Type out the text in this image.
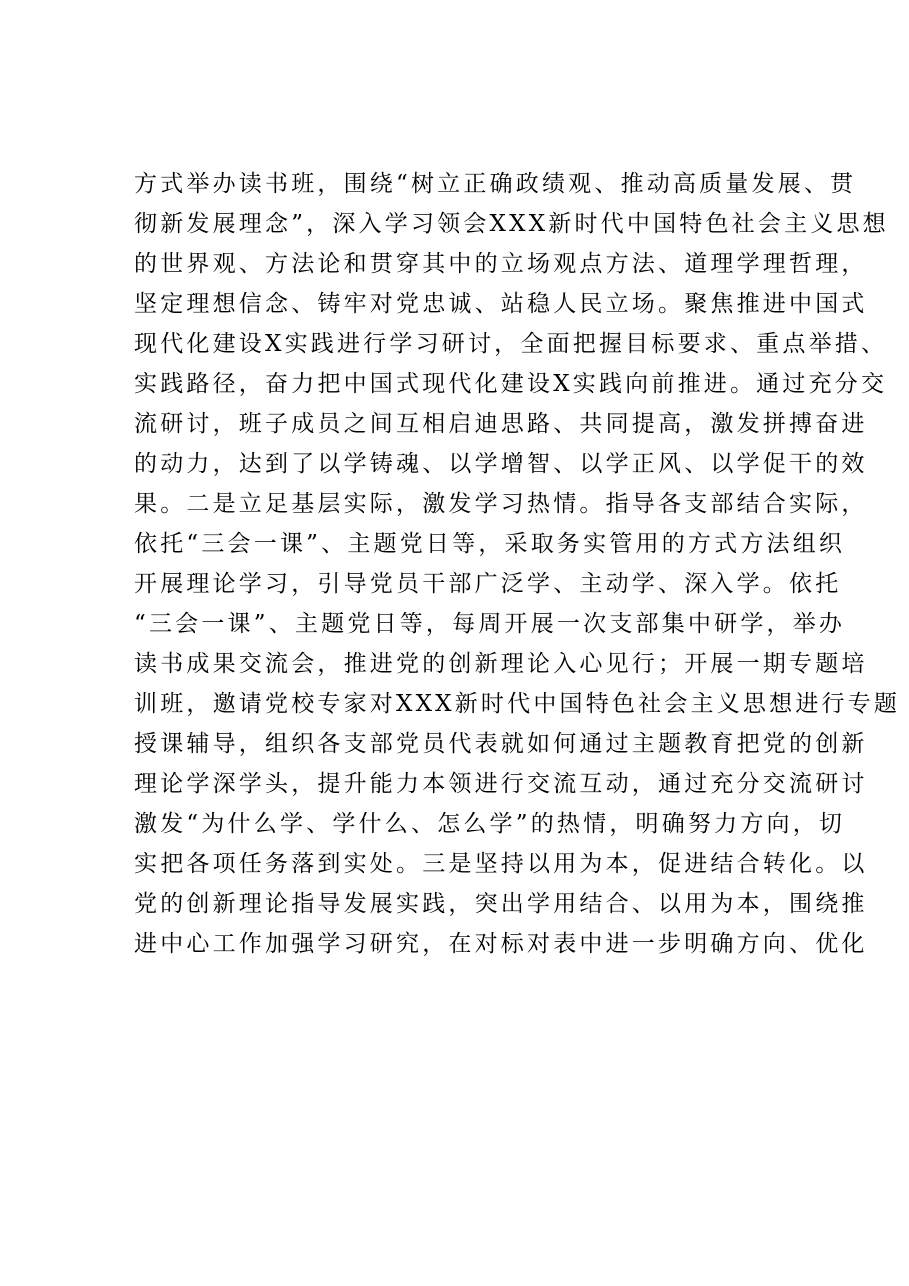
方式举办读书班，围绕“树立正确政绩观、推动高质量发展、贯
彻新发展理念”，深入学习领会XXX新时代中国特色社会主义思想
的世界观、方法论和贯穿其中的立场观点方法、道理学理哲理，
坚定理想信念、铸牢对党忠诚、站稳人民立场。聚焦推进中国式
现代化建设X实践进行学习研讨，全面把握目标要求、重点举措、
实践路径，奋力把中国式现代化建设X实践向前推进。通过充分交
流研讨，班子成员之间互相启迪思路、共同提高，激发拼搏奋进
的动力，达到了以学铸魂、以学增智、以学正风、以学促干的效
果。二是立足基层实际，激发学习热情。指导各支部结合实际，
依托“三会一课”、主题党日等，采取务实管用的方式方法组织
开展理论学习，引导党员干部广泛学、主动学、深入学。依托
“三会一课”、主题党日等，每周开展一次支部集中研学，举办
读书成果交流会，推进党的创新理论入心见行；开展一期专题培
训班，邀请党校专家对XXX新时代中国特色社会主义思想进行专题
授课辅导，组织各支部党员代表就如何通过主题教育把党的创新
理论学深学头，提升能力本领进行交流互动，通过充分交流研讨
激发“为什么学、学什么、怎么学”的热情，明确努力方向，切
实把各项任务落到实处。三是坚持以用为本，促进结合转化。以
党的创新理论指导发展实践，突出学用结合、以用为本，围绕推
进中心工作加强学习研究，在对标对表中进一步明确方向、优化
